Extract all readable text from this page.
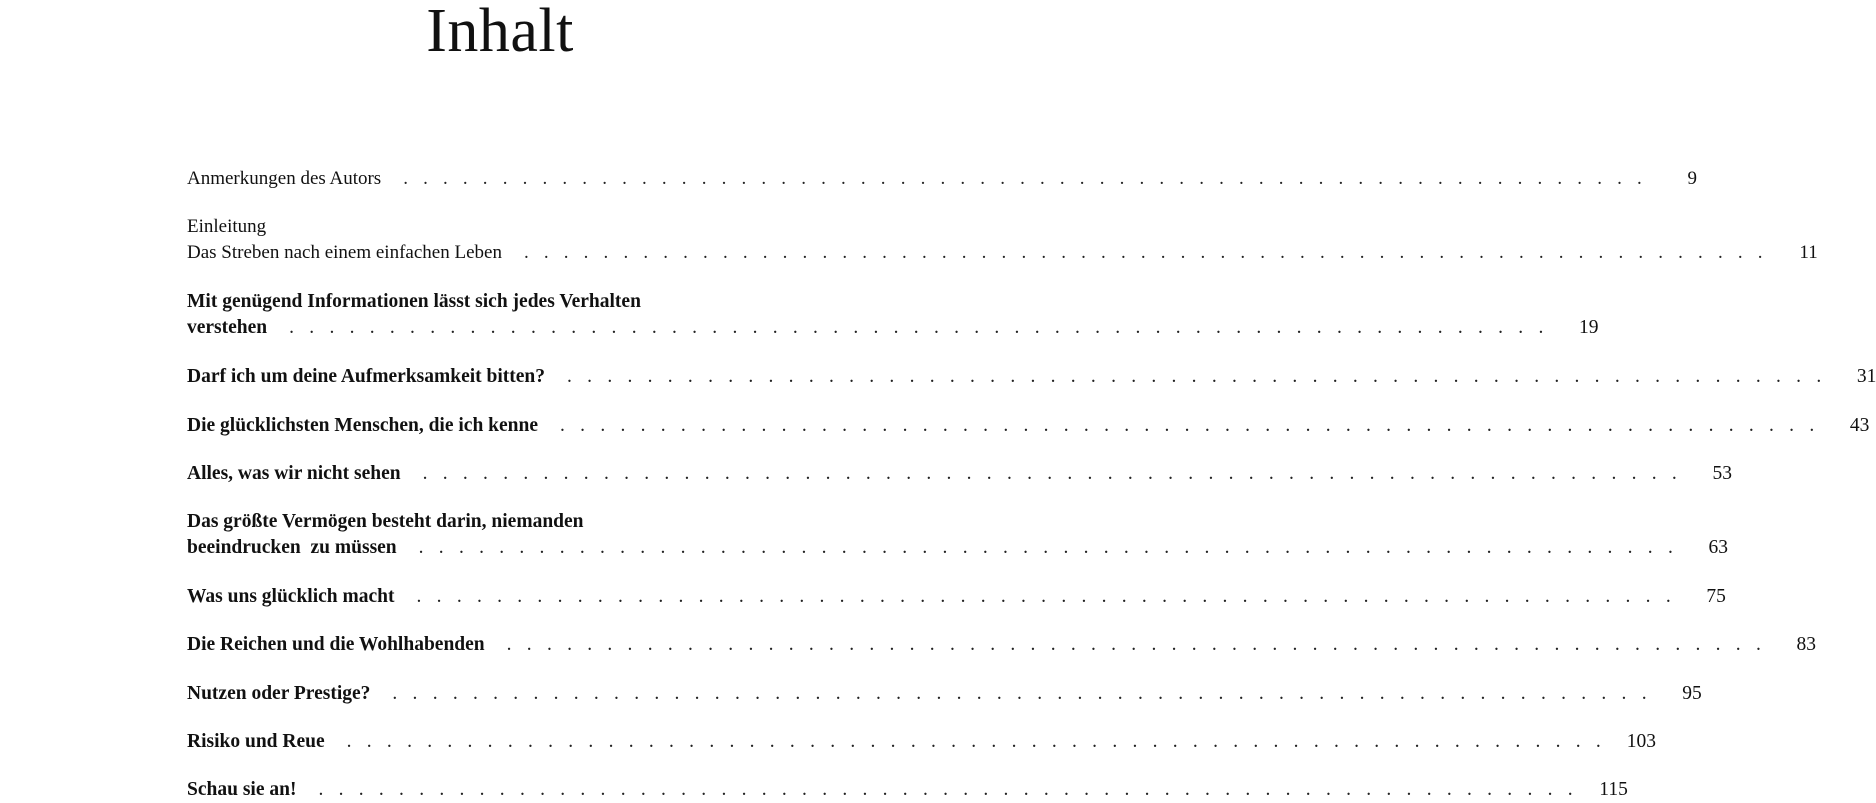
Inhalt
Anmerkungen des Autors . . . . . . . . . . . . . . . . . . . . . . . . . . . . . . . . . . . . . . . . . . . . . . . . . . . . . . . . . . . . . . .	9
Einleitung
Das Streben nach einem einfachen Leben . . . . . . . . . . . . . . . . . . . . . . . . . . . . . . . . . . . . . . . . . . . . . . . . . . . . . . . . . . . . . . .	11
Mit genügend Informationen lässt sich jedes Verhalten
verstehen . . . . . . . . . . . . . . . . . . . . . . . . . . . . . . . . . . . . . . . . . . . . . . . . . . . . . . . . . . . . . . .	19
Darf ich um deine Aufmerksamkeit bitten? . . . . . . . . . . . . . . . . . . . . . . . . . . . . . . . . . . . . . . . . . . . . . . . . . . . . . . . . . . . . . . .	31
Die glücklichsten Menschen, die ich kenne . . . . . . . . . . . . . . . . . . . . . . . . . . . . . . . . . . . . . . . . . . . . . . . . . . . . . . . . . . . . . . .	43
Alles, was wir nicht sehen . . . . . . . . . . . . . . . . . . . . . . . . . . . . . . . . . . . . . . . . . . . . . . . . . . . . . . . . . . . . . . .	53
Das größte Vermögen besteht darin, niemanden
beeindrucken  zu müssen . . . . . . . . . . . . . . . . . . . . . . . . . . . . . . . . . . . . . . . . . . . . . . . . . . . . . . . . . . . . . . .	63
Was uns glücklich macht . . . . . . . . . . . . . . . . . . . . . . . . . . . . . . . . . . . . . . . . . . . . . . . . . . . . . . . . . . . . . . .	75
Die Reichen und die Wohlhabenden . . . . . . . . . . . . . . . . . . . . . . . . . . . . . . . . . . . . . . . . . . . . . . . . . . . . . . . . . . . . . . .	83
Nutzen oder Prestige? . . . . . . . . . . . . . . . . . . . . . . . . . . . . . . . . . . . . . . . . . . . . . . . . . . . . . . . . . . . . . . .	95
Risiko und Reue . . . . . . . . . . . . . . . . . . . . . . . . . . . . . . . . . . . . . . . . . . . . . . . . . . . . . . . . . . . . . . . 103
Schau sie an! . . . . . . . . . . . . . . . . . . . . . . . . . . . . . . . . . . . . . . . . . . . . . . . . . . . . . . . . . . . . . . . 115
